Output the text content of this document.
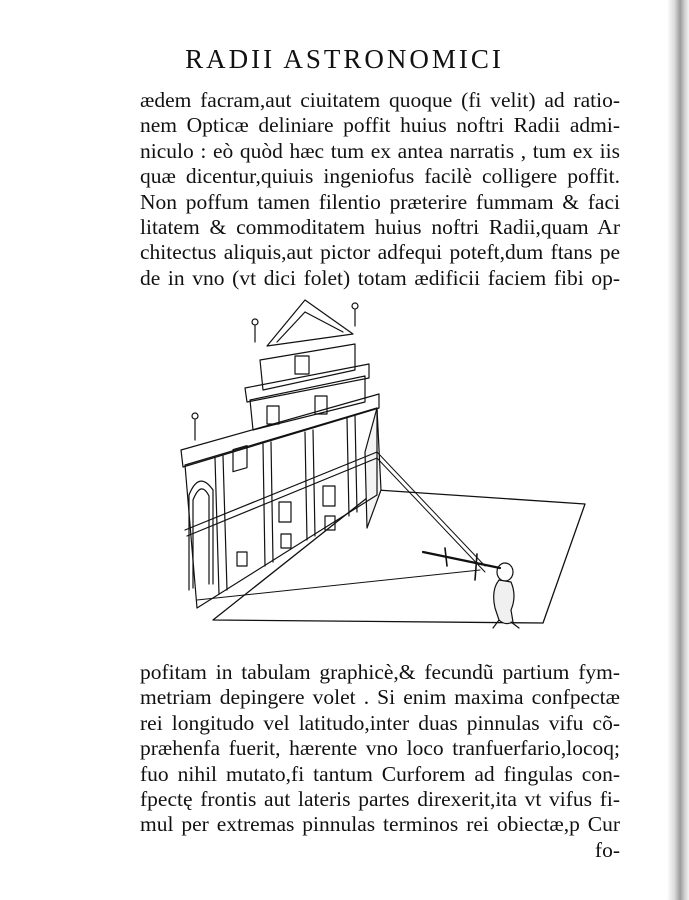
RADII ASTRONOMICI
ædem facram,aut ciuitatem quoque (fi velit) ad ratio-
nem Opticæ deliniare poffit huius noftri Radii admi-
niculo : eò quòd hæc tum ex antea narratis , tum ex iis
quæ dicentur,quiuis ingeniofus facilè colligere poffit.
Non poffum tamen filentio præterire fummam & faci
litatem & commoditatem huius noftri Radii,quam Ar
chitectus aliquis,aut pictor adfequi poteft,dum ftans pe
de in vno (vt dici folet) totam ædificii faciem fibi op-
pofitam in tabulam graphicè,& fecundũ partium fym-
metriam depingere volet . Si enim maxima confpectæ
rei longitudo vel latitudo,inter duas pinnulas vifu cõ-
præhenfa fuerit, hærente vno loco tranfuerfario,locoq;
fuo nihil mutato,fi tantum Curforem ad fingulas con-
fpectę frontis aut lateris partes direxerit,ita vt vifus fi-
mul per extremas pinnulas terminos rei obiectæ,p Cur
fo-
